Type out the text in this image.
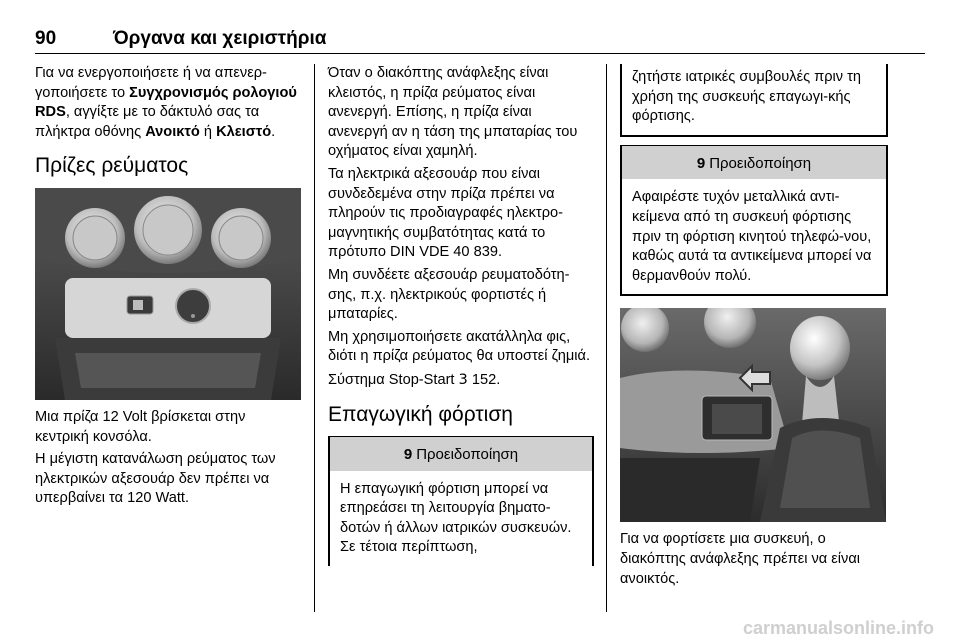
90	Όργανα και χειριστήρια

Για να ενεργοποιήσετε ή να απενερ-γοποιήσετε το Συγχρονισμός ρολογιού RDS, αγγίξτε με το δάκτυλό σας τα πλήκτρα οθόνης Ανοικτό ή Κλειστό.

Πρίζες ρεύματος

Μια πρίζα 12 Volt βρίσκεται στην κεντρική κονσόλα.

Η μέγιστη κατανάλωση ρεύματος των ηλεκτρικών αξεσουάρ δεν πρέπει να υπερβαίνει τα 120 Watt.

Όταν ο διακόπτης ανάφλεξης είναι κλειστός, η πρίζα ρεύματος είναι ανενεργή. Επίσης, η πρίζα είναι ανενεργή αν η τάση της μπαταρίας του οχήματος είναι χαμηλή.

Τα ηλεκτρικά αξεσουάρ που είναι συνδεδεμένα στην πρίζα πρέπει να πληρούν τις προδιαγραφές ηλεκτρο-μαγνητικής συμβατότητας κατά το πρότυπο DIN VDE 40 839.

Μη συνδέετε αξεσουάρ ρευματοδότη-σης, π.χ. ηλεκτρικούς φορτιστές ή μπαταρίες.

Μη χρησιμοποιήσετε ακατάλληλα φις, διότι η πρίζα ρεύματος θα υποστεί ζημιά.

Σύστημα Stop-Start 3 152.

Επαγωγική φόρτιση
9 Προειδοποίηση
Η επαγωγική φόρτιση μπορεί να επηρεάσει τη λειτουργία βηματο-δοτών ή άλλων ιατρικών συσκευών. Σε τέτοια περίπτωση,
ζητήστε ιατρικές συμβουλές πριν τη χρήση της συσκευής επαγωγι-κής φόρτισης.
9 Προειδοποίηση
Αφαιρέστε τυχόν μεταλλικά αντι-κείμενα από τη συσκευή φόρτισης πριν τη φόρτιση κινητού τηλεφώ-νου, καθώς αυτά τα αντικείμενα μπορεί να θερμανθούν πολύ.

Για να φορτίσετε μια συσκευή, ο διακόπτης ανάφλεξης πρέπει να είναι ανοικτός.

carmanualsonline.info
